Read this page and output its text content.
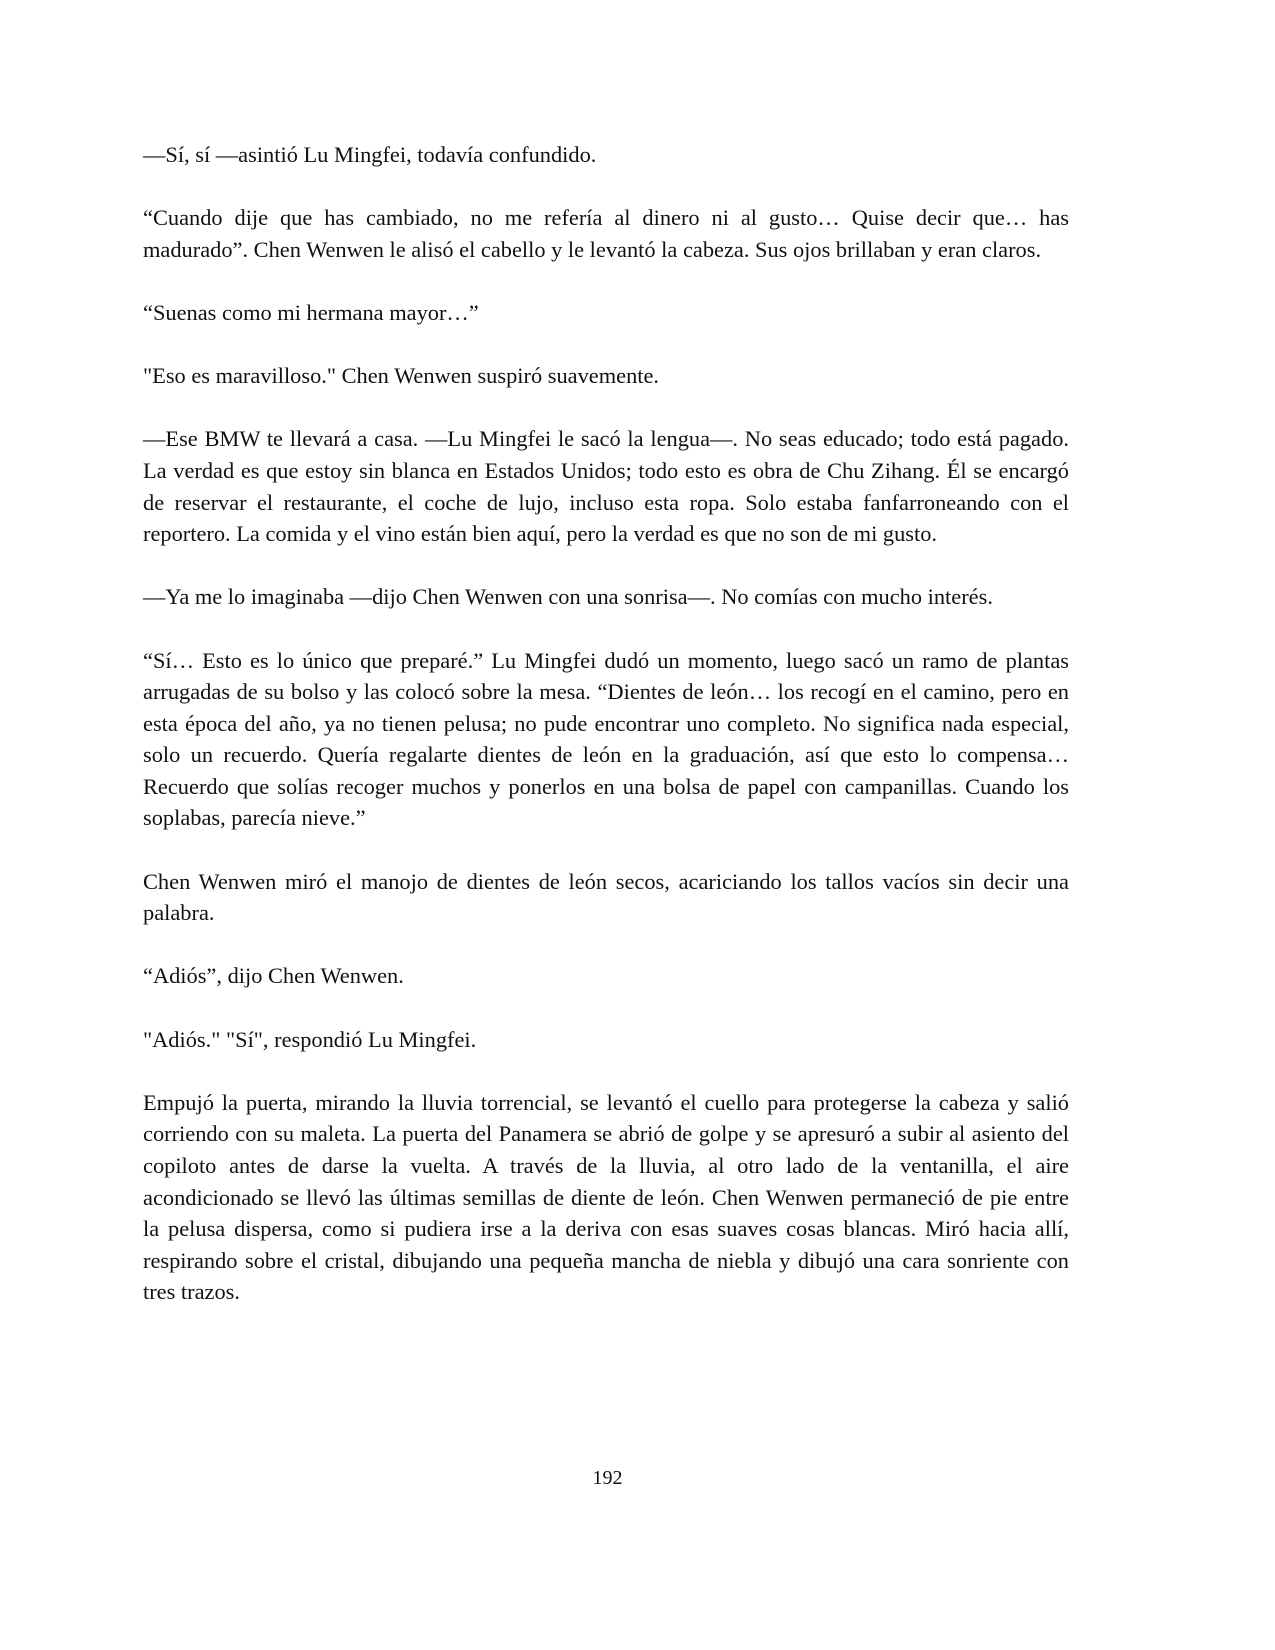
—Sí, sí —asintió Lu Mingfei, todavía confundido.

“Cuando dije que has cambiado, no me refería al dinero ni al gusto… Quise decir que… has madurado”. Chen Wenwen le alisó el cabello y le levantó la cabeza. Sus ojos brillaban y eran claros.

“Suenas como mi hermana mayor…”

"Eso es maravilloso." Chen Wenwen suspiró suavemente.

—Ese BMW te llevará a casa. —Lu Mingfei le sacó la lengua—. No seas educado; todo está pagado. La verdad es que estoy sin blanca en Estados Unidos; todo esto es obra de Chu Zihang. Él se encargó de reservar el restaurante, el coche de lujo, incluso esta ropa. Solo estaba fanfarroneando con el reportero. La comida y el vino están bien aquí, pero la verdad es que no son de mi gusto.

—Ya me lo imaginaba —dijo Chen Wenwen con una sonrisa—. No comías con mucho interés.

“Sí… Esto es lo único que preparé.” Lu Mingfei dudó un momento, luego sacó un ramo de plantas arrugadas de su bolso y las colocó sobre la mesa. “Dientes de león… los recogí en el camino, pero en esta época del año, ya no tienen pelusa; no pude encontrar uno completo. No significa nada especial, solo un recuerdo. Quería regalarte dientes de león en la graduación, así que esto lo compensa… Recuerdo que solías recoger muchos y ponerlos en una bolsa de papel con campanillas. Cuando los soplabas, parecía nieve.”

Chen Wenwen miró el manojo de dientes de león secos, acariciando los tallos vacíos sin decir una palabra.

“Adiós”, dijo Chen Wenwen.

"Adiós." "Sí", respondió Lu Mingfei.

Empujó la puerta, mirando la lluvia torrencial, se levantó el cuello para protegerse la cabeza y salió corriendo con su maleta. La puerta del Panamera se abrió de golpe y se apresuró a subir al asiento del copiloto antes de darse la vuelta. A través de la lluvia, al otro lado de la ventanilla, el aire acondicionado se llevó las últimas semillas de diente de león. Chen Wenwen permaneció de pie entre la pelusa dispersa, como si pudiera irse a la deriva con esas suaves cosas blancas. Miró hacia allí, respirando sobre el cristal, dibujando una pequeña mancha de niebla y dibujó una cara sonriente con tres trazos.

192
